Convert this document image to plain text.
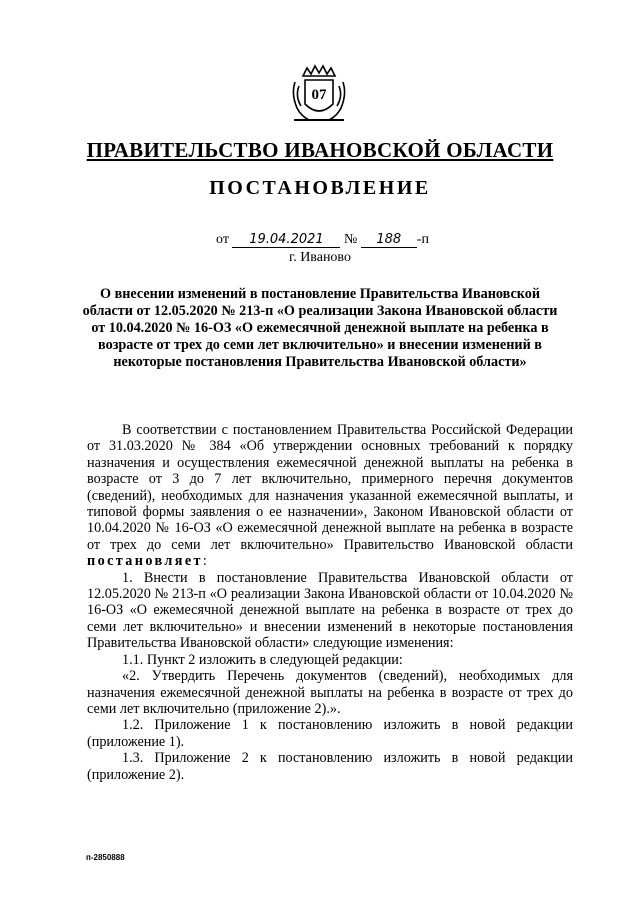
07
ПРАВИТЕЛЬСТВО ИВАНОВСКОЙ ОБЛАСТИ
ПОСТАНОВЛЕНИЕ
от 19.04.2021 № 188 -п
г. Иваново
О внесении изменений в постановление Правительства Ивановской области от 12.05.2020 № 213-п «О реализации Закона Ивановской области от 10.04.2020 № 16-ОЗ «О ежемесячной денежной выплате на ребенка в возрасте от трех до семи лет включительно» и внесении изменений в некоторые постановления Правительства Ивановской области»

В соответствии с постановлением Правительства Российской Федерации от 31.03.2020 № 384 «Об утверждении основных требований к порядку назначения и осуществления ежемесячной денежной выплаты на ребенка в возрасте от 3 до 7 лет включительно, примерного перечня документов (сведений), необходимых для назначения указанной ежемесячной выплаты, и типовой формы заявления о ее назначении», Законом Ивановской области от 10.04.2020 № 16-ОЗ «О ежемесячной денежной выплате на ребенка в возрасте от трех до семи лет включительно» Правительство Ивановской области постановляет:

1. Внести в постановление Правительства Ивановской области от 12.05.2020 № 213-п «О реализации Закона Ивановской области от 10.04.2020 № 16-ОЗ «О ежемесячной денежной выплате на ребенка в возрасте от трех до семи лет включительно» и внесении изменений в некоторые постановления Правительства Ивановской области» следующие изменения:

1.1. Пункт 2 изложить в следующей редакции:

«2. Утвердить Перечень документов (сведений), необходимых для назначения ежемесячной денежной выплаты на ребенка в возрасте от трех до семи лет включительно (приложение 2).».

1.2. Приложение 1 к постановлению изложить в новой редакции (приложение 1).

1.3. Приложение 2 к постановлению изложить в новой редакции (приложение 2).

п-2850888
